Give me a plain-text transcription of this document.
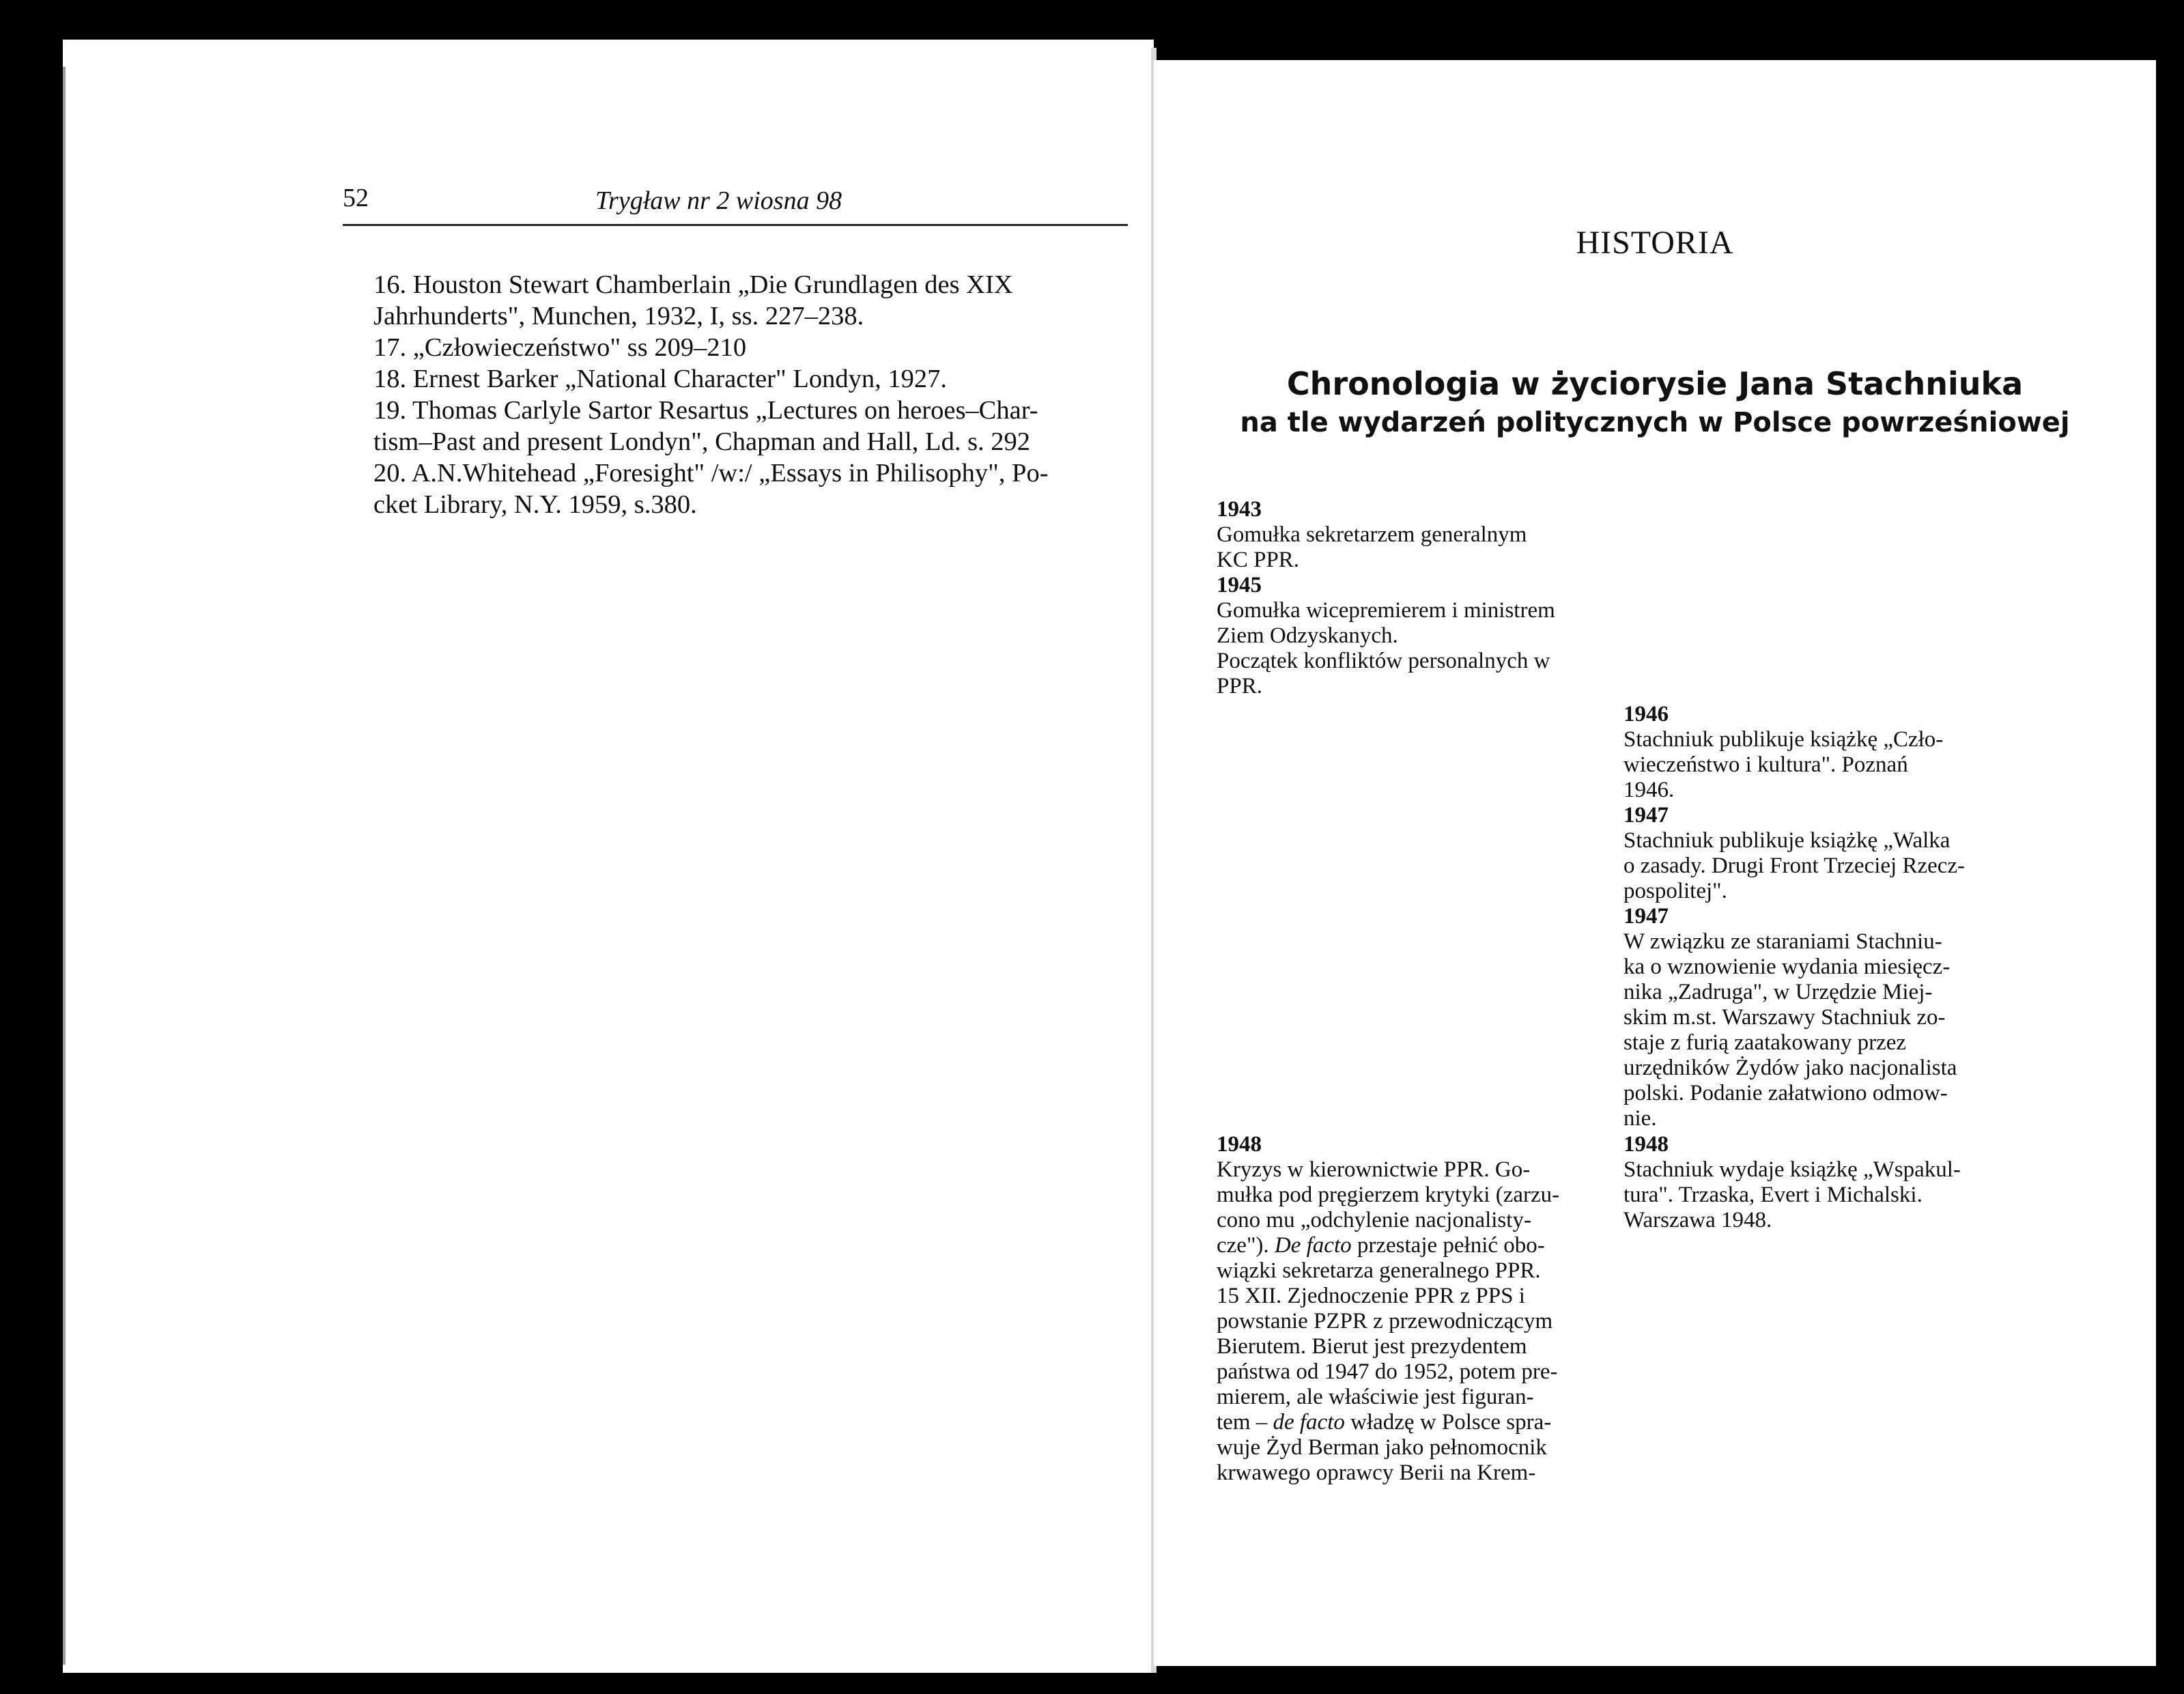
52	Trygław nr 2 wiosna 98
16. Houston Stewart Chamberlain „Die Grundlagen des XIX
Jahrhunderts", Munchen, 1932, I, ss. 227–238.
17. „Człowieczeństwo" ss 209–210
18. Ernest Barker „National Character" Londyn, 1927.
19. Thomas Carlyle Sartor Resartus „Lectures on heroes–Char-
tism–Past and present Londyn", Chapman and Hall, Ld. s. 292
20. A.N.Whitehead „Foresight" /w:/ „Essays in Philisophy", Po-
cket Library, N.Y. 1959, s.380.
HISTORIA
Chronologia w życiorysie Jana Stachniuka
na tle wydarzeń politycznych w Polsce powrześniowej
1943
Gomułka sekretarzem generalnym
KC PPR.
1945
Gomułka wicepremierem i ministrem
Ziem Odzyskanych.
Początek konfliktów personalnych w
PPR.
1946
Stachniuk publikuje książkę „Czło-
wieczeństwo i kultura". Poznań
1946.
1947
Stachniuk publikuje książkę „Walka
o zasady. Drugi Front Trzeciej Rzecz-
pospolitej".
1947
W związku ze staraniami Stachniu-
ka o wznowienie wydania miesięcz-
nika „Zadruga", w Urzędzie Miej-
skim m.st. Warszawy Stachniuk zo-
staje z furią zaatakowany przez
urzędników Żydów jako nacjonalista
polski. Podanie załatwiono odmow-
nie.
1948
Stachniuk wydaje książkę „Wspakul-
tura". Trzaska, Evert i Michalski.
Warszawa 1948.
1948
Kryzys w kierownictwie PPR. Go-
mułka pod pręgierzem krytyki (zarzu-
cono mu „odchylenie nacjonalisty-
cze"). De facto przestaje pełnić obo-
wiązki sekretarza generalnego PPR.
15 XII. Zjednoczenie PPR z PPS i
powstanie PZPR z przewodniczącym
Bierutem. Bierut jest prezydentem
państwa od 1947 do 1952, potem pre-
mierem, ale właściwie jest figuran-
tem – de facto władzę w Polsce spra-
wuje Żyd Berman jako pełnomocnik
krwawego oprawcy Berii na Krem-
